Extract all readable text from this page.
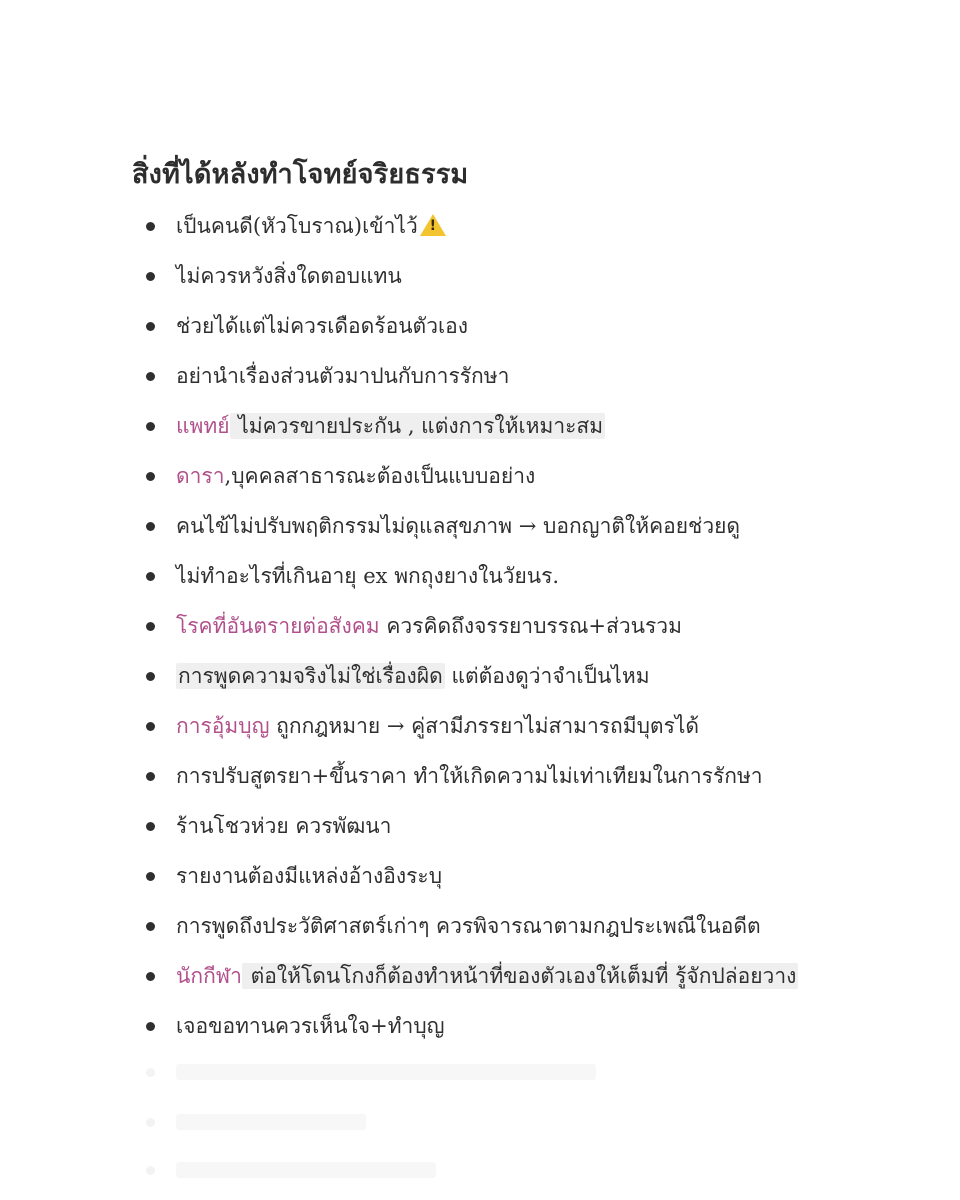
สิ่งที่ได้หลังทำโจทย์จริยธรรม
เป็นคนดี(หัวโบราณ)เข้าไว้!
ไม่ควรหวังสิ่งใดตอบแทน
ช่วยได้แต่ไม่ควรเดือดร้อนตัวเอง
อย่านำเรื่องส่วนตัวมาปนกับการรักษา
แพทย์ ไม่ควรขายประกัน , แต่งการให้เหมาะสม
ดารา,บุคคลสาธารณะต้องเป็นแบบอย่าง
คนไข้ไม่ปรับพฤติกรรมไม่ดุแลสุขภาพ → บอกญาติให้คอยช่วยดู
ไม่ทำอะไรที่เกินอายุ ex พกถุงยางในวัยนร.
โรคที่อันตรายต่อสังคม ควรคิดถึงจรรยาบรรณ+ส่วนรวม
การพูดความจริงไม่ใช่เรื่องผิด แต่ต้องดูว่าจำเป็นไหม
การอุ้มบุญ ถูกกฎหมาย → คู่สามีภรรยาไม่สามารถมีบุตรได้
การปรับสูตรยา+ขึ้นราคา ทำให้เกิดความไม่เท่าเทียมในการรักษา
ร้านโชวห่วย ควรพัฒนา
รายงานต้องมีแหล่งอ้างอิงระบุ
การพูดถึงประวัติศาสตร์เก่าๆ ควรพิจารณาตามกฎประเพณีในอดีต
นักกีฬา ต่อให้โดนโกงก็ต้องทำหน้าที่ของตัวเองให้เต็มที่ รู้จักปล่อยวาง
เจอขอทานควรเห็นใจ+ทำบุญ
